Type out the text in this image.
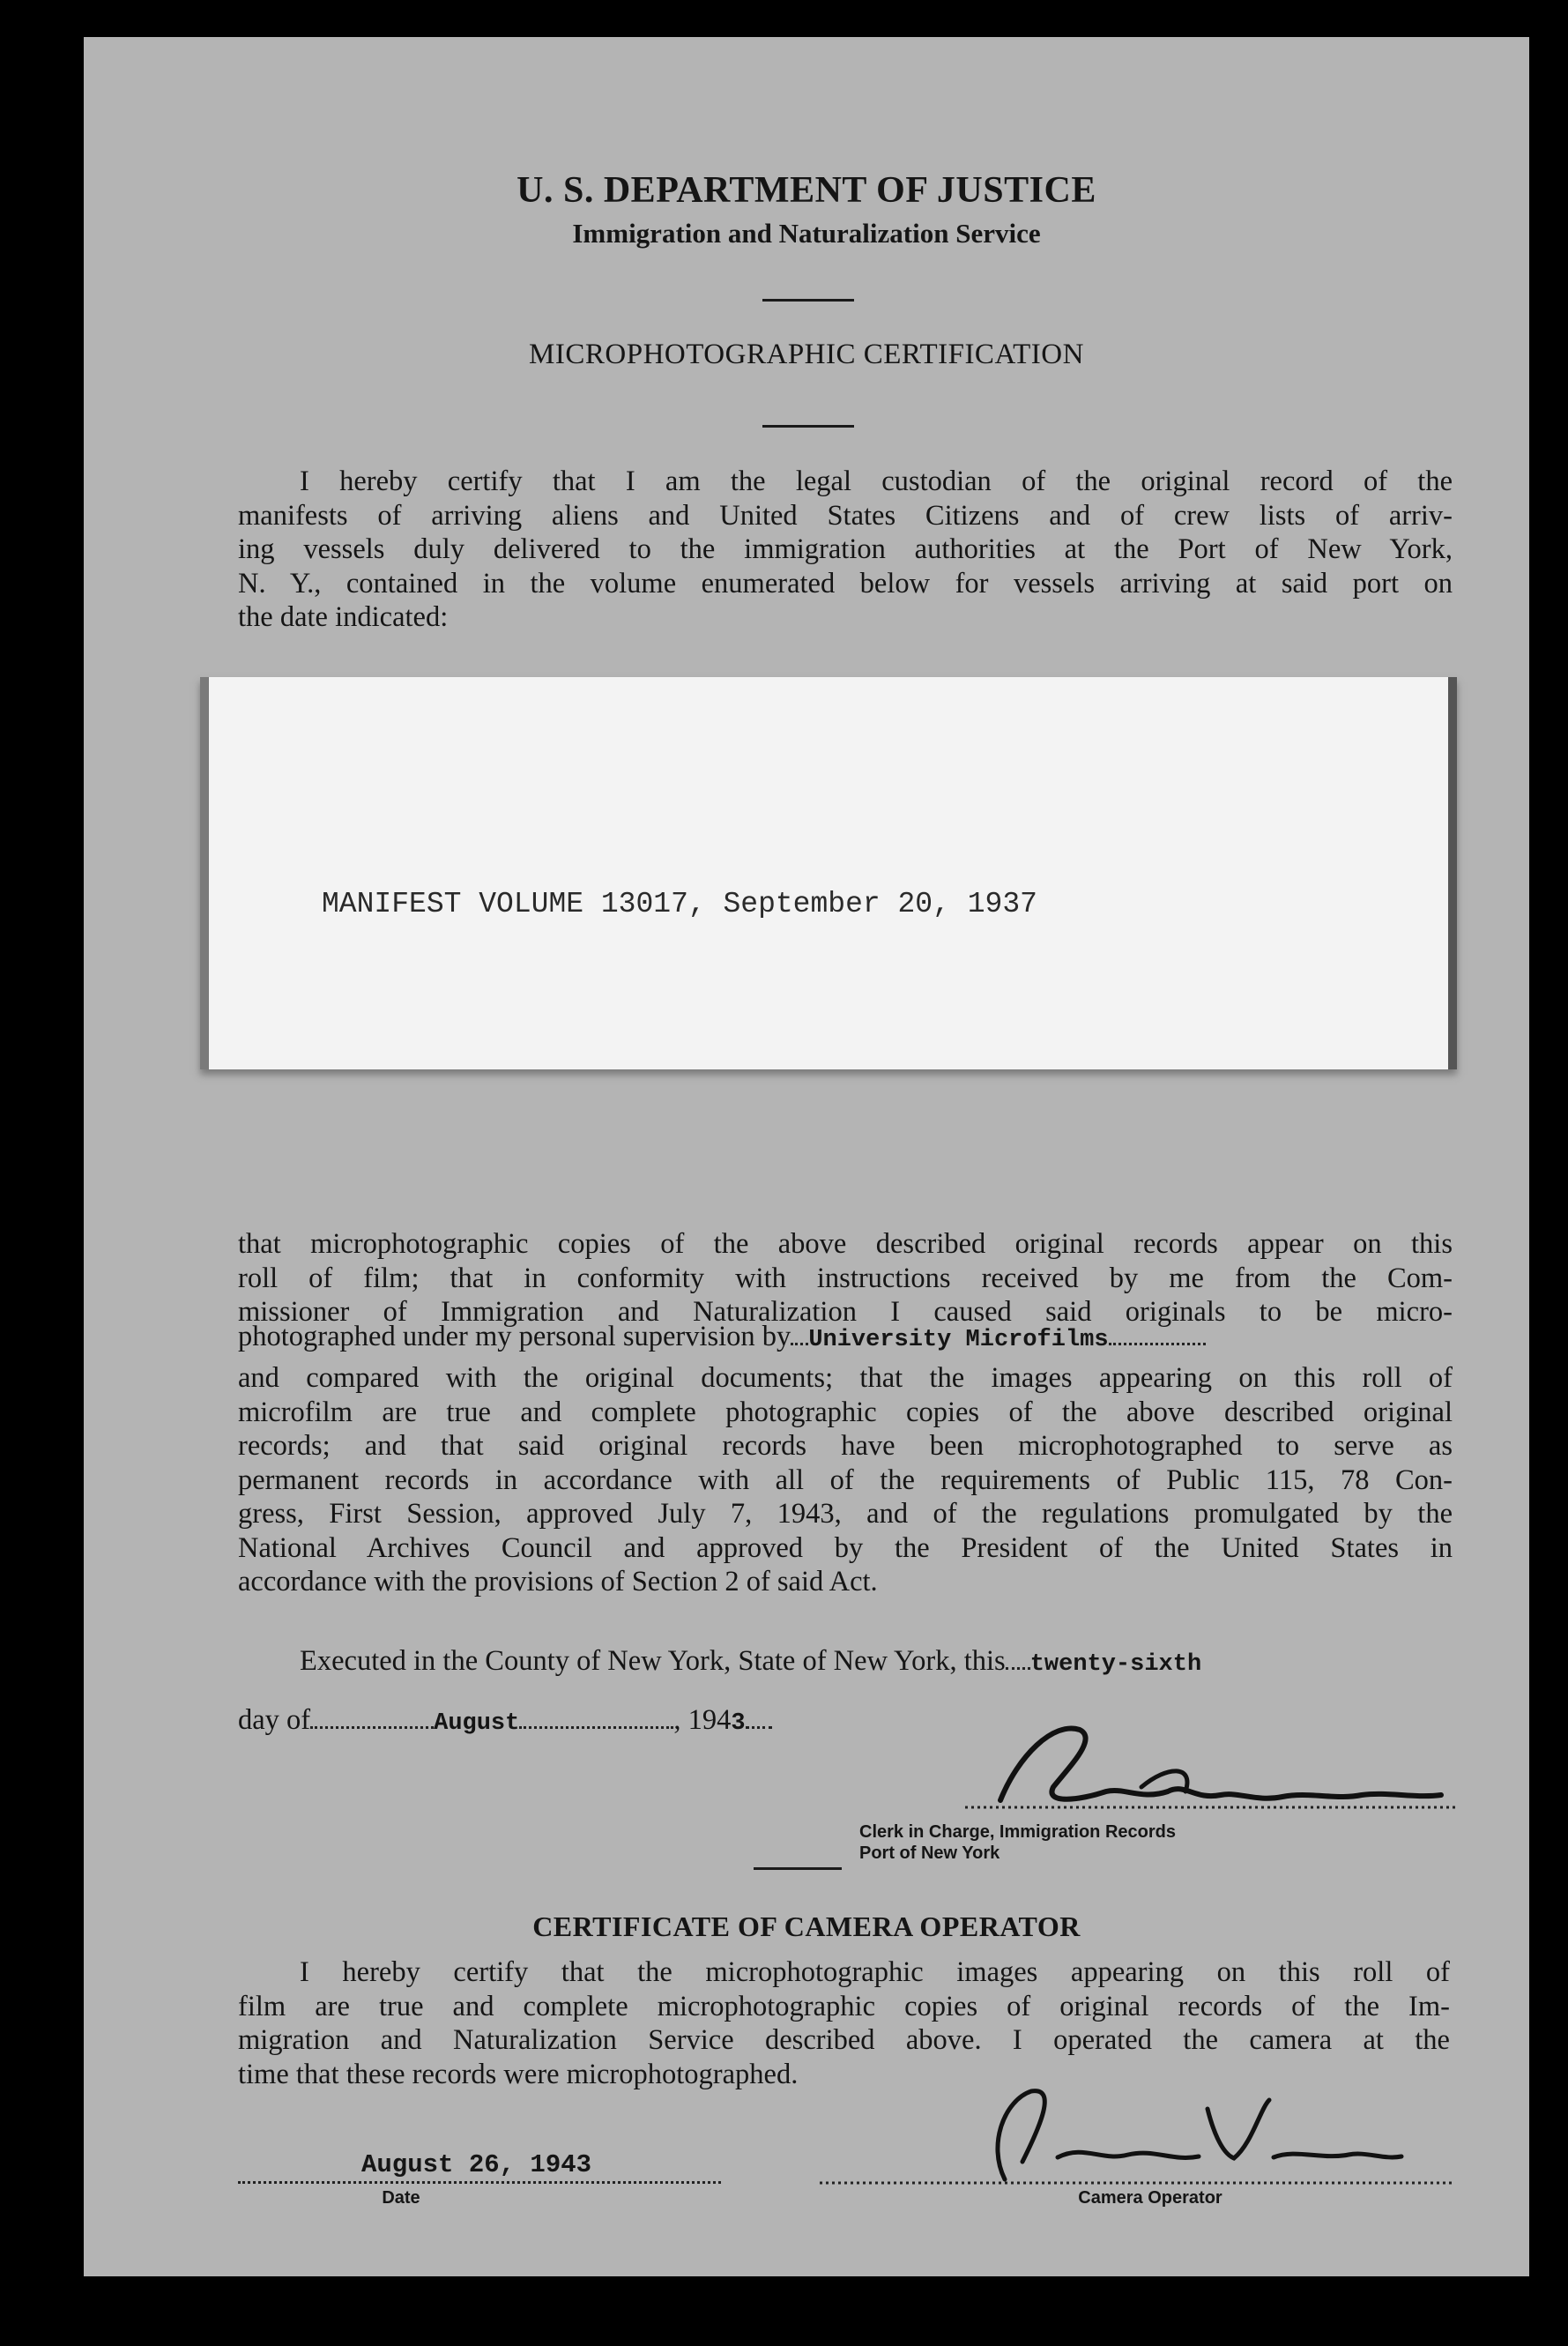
U. S. DEPARTMENT OF JUSTICE
Immigration and Naturalization Service
MICROPHOTOGRAPHIC CERTIFICATION
I hereby certify that I am the legal custodian of the original record of the
manifests of arriving aliens and United States Citizens and of crew lists of arriv-
ing vessels duly delivered to the immigration authorities at the Port of New York,
N. Y., contained in the volume enumerated below for vessels arriving at said port on
the date indicated:
MANIFEST VOLUME 13017, September 20, 1937
that microphotographic copies of the above described original records appear on this
roll of film; that in conformity with instructions received by me from the Com-
missioner of Immigration and Naturalization I caused said originals to be micro-
photographed under my personal supervision by University Microfilms
and compared with the original documents; that the images appearing on this roll of
microfilm are true and complete photographic copies of the above described original
records; and that said original records have been microphotographed to serve as
permanent records in accordance with all of the requirements of Public 115, 78 Con-
gress, First Session, approved July 7, 1943, and of the regulations promulgated by the
National Archives Council and approved by the President of the United States in
accordance with the provisions of Section 2 of said Act.
Executed in the County of New York, State of New York, this twenty-sixth
day of	August	, 1943
Clerk in Charge, Immigration Records
Port of New York
CERTIFICATE OF CAMERA OPERATOR
I hereby certify that the microphotographic images appearing on this roll of
film are true and complete microphotographic copies of original records of the Im-
migration and Naturalization Service described above. I operated the camera at the
time that these records were microphotographed.
August 26, 1943
Date	Camera Operator
